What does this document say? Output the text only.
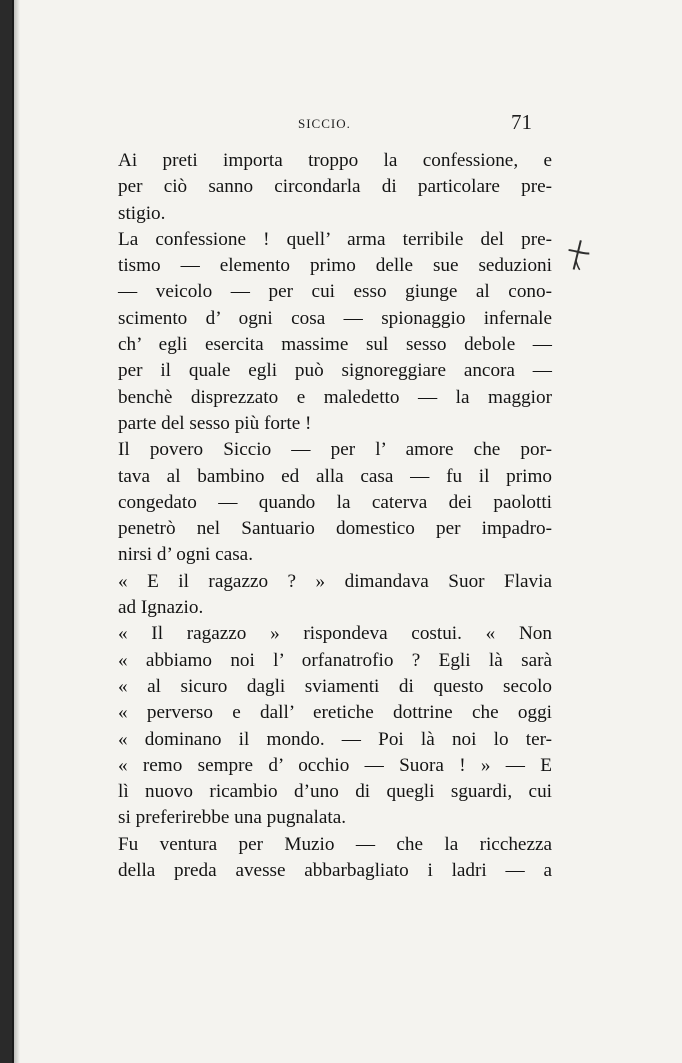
SICCIO.	71
Ai preti importa troppo la confessione, e
per ciò sanno circondarla di particolare pre-
stigio.
La confessione ! quell’ arma terribile del pre-
tismo — elemento primo delle sue seduzioni
— veicolo — per cui esso giunge al cono-
scimento d’ ogni cosa — spionaggio infernale
ch’ egli esercita massime sul sesso debole —
per il quale egli può signoreggiare ancora —
benchè disprezzato e maledetto — la maggior
parte del sesso più forte !
Il povero Siccio — per l’ amore che por-
tava al bambino ed alla casa — fu il primo
congedato — quando la caterva dei paolotti
penetrò nel Santuario domestico per impadro-
nirsi d’ ogni casa.
« E il ragazzo ? » dimandava Suor Flavia
ad Ignazio.
« Il ragazzo » rispondeva costui. « Non
« abbiamo noi l’ orfanatrofio ? Egli là sarà
« al sicuro dagli sviamenti di questo secolo
« perverso e dall’ eretiche dottrine che oggi
« dominano il mondo. — Poi là noi lo ter-
« remo sempre d’ occhio — Suora ! » — E
lì nuovo ricambio d’uno di quegli sguardi, cui
si preferirebbe una pugnalata.
Fu ventura per Muzio — che la ricchezza
della preda avesse abbarbagliato i ladri — a
